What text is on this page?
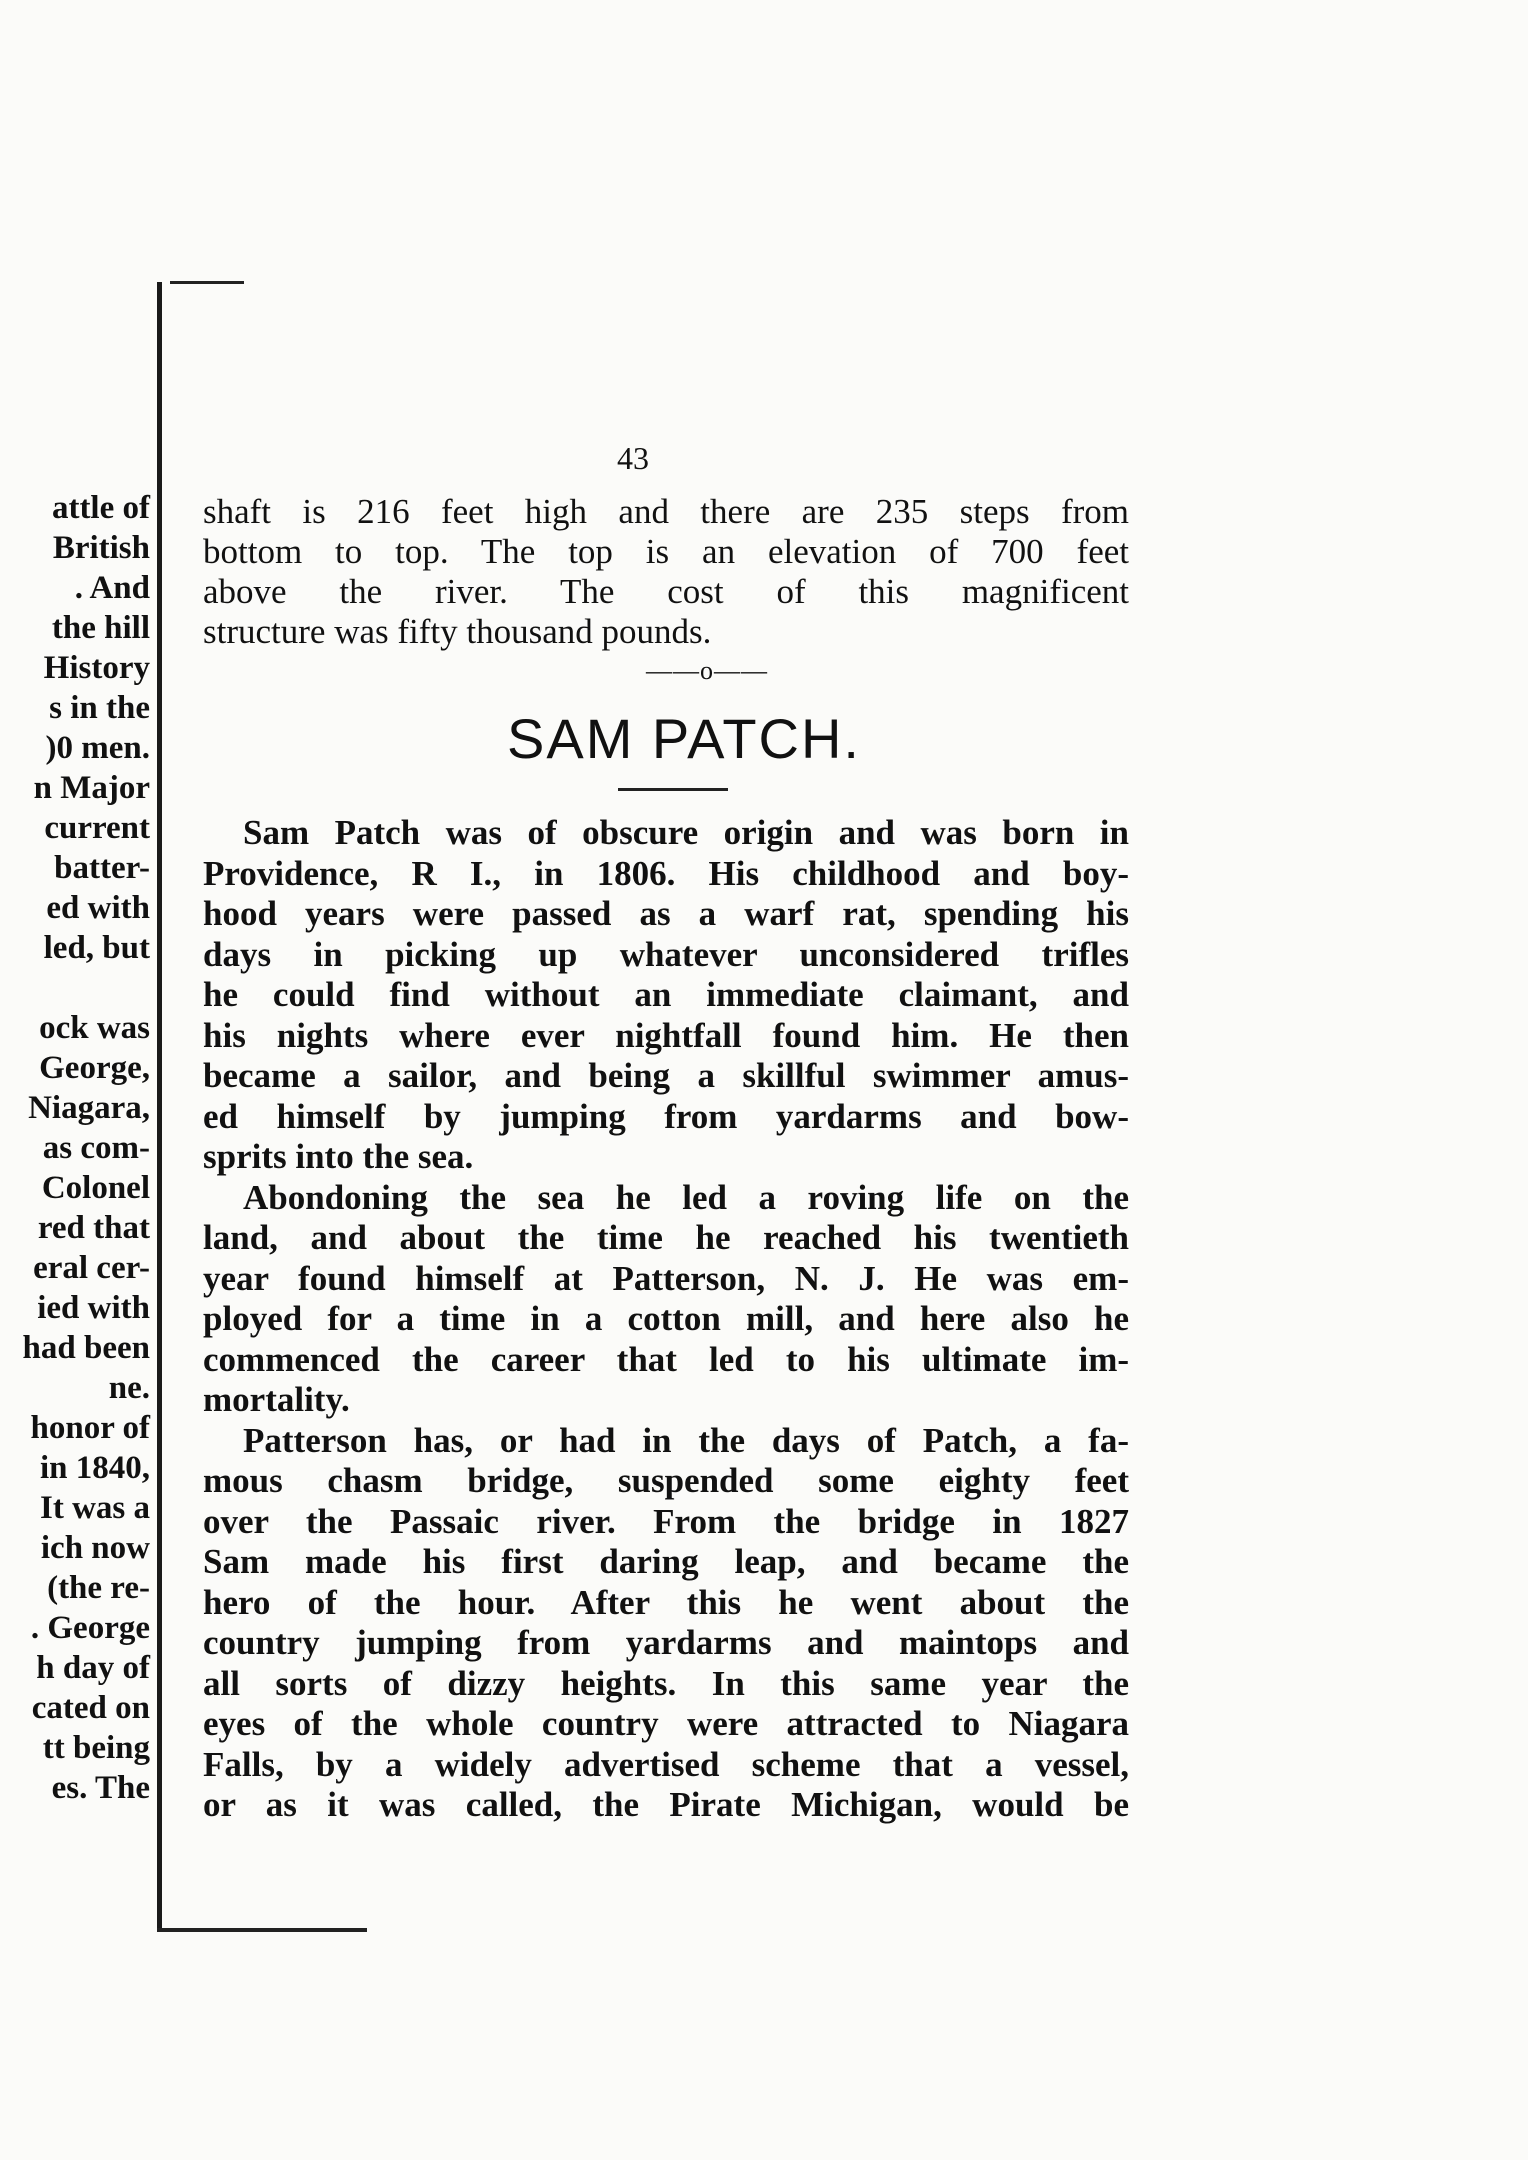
attle of
British
. And
the hill
History
s in the
)0 men.
n Major
current
batter-
ed with
led, but
ock was
George,
Niagara,
as com-
Colonel
red that
eral cer-
ied with
had been
ne.
honor of
in 1840,
It was a
ich now
(the re-
. George
h day of
cated on
tt being
es. The
43
shaft is 216 feet high and there are 235 steps from
bottom to top. The top is an elevation of 700 feet
above the river. The cost of this magnificent
structure was fifty thousand pounds.
——o——
SAM PATCH.
Sam Patch was of obscure origin and was born in
Providence, R I., in 1806. His childhood and boy-
hood years were passed as a warf rat, spending his
days in picking up whatever unconsidered trifles
he could find without an immediate claimant, and
his nights where ever nightfall found him. He then
became a sailor, and being a skillful swimmer amus-
ed himself by jumping from yardarms and bow-
sprits into the sea.
Abondoning the sea he led a roving life on the
land, and about the time he reached his twentieth
year found himself at Patterson, N. J. He was em-
ployed for a time in a cotton mill, and here also he
commenced the career that led to his ultimate im-
mortality.
Patterson has, or had in the days of Patch, a fa-
mous chasm bridge, suspended some eighty feet
over the Passaic river. From the bridge in 1827
Sam made his first daring leap, and became the
hero of the hour. After this he went about the
country jumping from yardarms and maintops and
all sorts of dizzy heights. In this same year the
eyes of the whole country were attracted to Niagara
Falls, by a widely advertised scheme that a vessel,
or as it was called, the Pirate Michigan, would be
